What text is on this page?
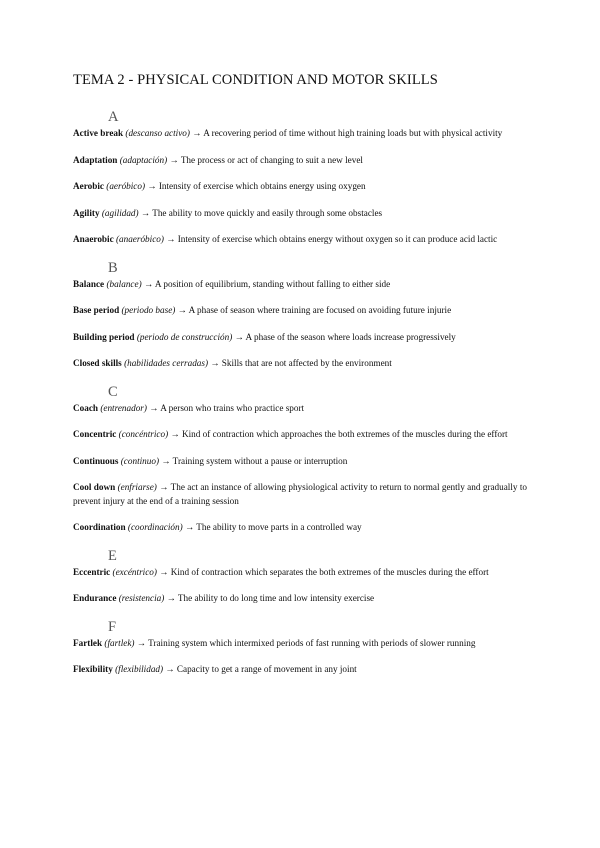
TEMA 2 - PHYSICAL CONDITION AND MOTOR SKILLS
A
Active break (descanso activo) → A recovering period of time without high training loads but with physical activity
Adaptation (adaptación) → The process or act of changing to suit a new level
Aerobic (aeróbico) → Intensity of exercise which obtains energy using oxygen
Agility (agilidad) → The ability to move quickly and easily through some obstacles
Anaerobic (anaeróbico) → Intensity of exercise which obtains energy without oxygen so it can produce acid lactic
B
Balance (balance) → A position of equilibrium, standing without falling to either side
Base period (periodo base) → A phase of season where training are focused on avoiding future injurie
Building period (periodo de construcción) → A phase of the season where loads increase progressively
Closed skills (habilidades cerradas) → Skills that are not affected by the environment
C
Coach (entrenador) → A person who trains who practice sport
Concentric (concéntrico) → Kind of contraction which approaches the both extremes of the muscles during the effort
Continuous (continuo) → Training system without a pause or interruption
Cool down (enfriarse) → The act an instance of allowing physiological activity to return to normal gently and gradually to prevent injury at the end of a training session
Coordination (coordinación) → The ability to move parts in a controlled way
E
Eccentric (excéntrico) → Kind of contraction which separates the both extremes of the muscles during the effort
Endurance (resistencia) → The ability to do long time and low intensity exercise
F
Fartlek (fartlek) → Training system which intermixed periods of fast running with periods of slower running
Flexibility (flexibilidad) → Capacity to get a range of movement in any joint
